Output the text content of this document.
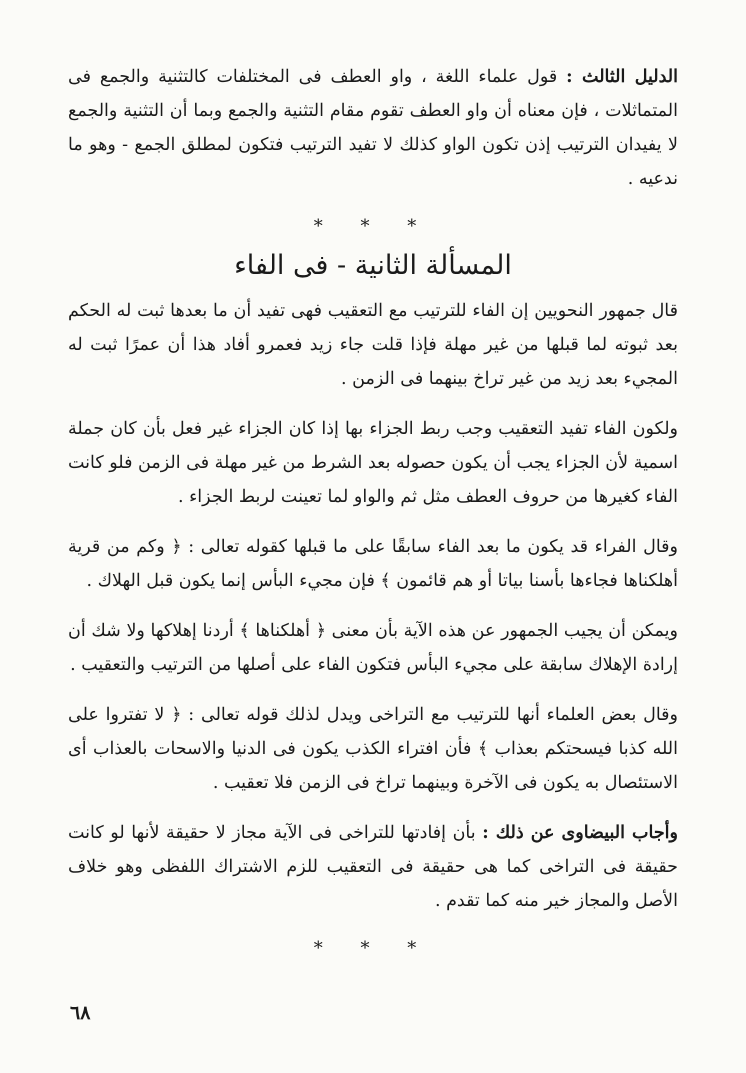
الدليل الثالث : قول علماء اللغة ، واو العطف فى المختلفات كالتثنية والجمع فى المتماثلات ، فإن معناه أن واو العطف تقوم مقام التثنية والجمع وبما أن التثنية والجمع لا يفيدان الترتيب إذن تكون الواو كذلك لا تفيد الترتيب فتكون لمطلق الجمع - وهو ما ندعيه .

* * *
المسألة الثانية - فى الفاء

قال جمهور النحويين إن الفاء للترتيب مع التعقيب فهى تفيد أن ما بعدها ثبت له الحكم بعد ثبوته لما قبلها من غير مهلة فإذا قلت جاء زيد فعمرو أفاد هذا أن عمرًا ثبت له المجيء بعد زيد من غير تراخ بينهما فى الزمن .

ولكون الفاء تفيد التعقيب وجب ربط الجزاء بها إذا كان الجزاء غير فعل بأن كان جملة اسمية لأن الجزاء يجب أن يكون حصوله بعد الشرط من غير مهلة فى الزمن فلو كانت الفاء كغيرها من حروف العطف مثل ثم والواو لما تعينت لربط الجزاء .

وقال الفراء قد يكون ما بعد الفاء سابقًا على ما قبلها كقوله تعالى : ﴿ وكم من قرية أهلكناها فجاءها بأسنا بياتا أو هم قائمون ﴾ فإن مجيء البأس إنما يكون قبل الهلاك .

ويمكن أن يجيب الجمهور عن هذه الآية بأن معنى ﴿ أهلكناها ﴾ أردنا إهلاكها ولا شك أن إرادة الإهلاك سابقة على مجيء البأس فتكون الفاء على أصلها من الترتيب والتعقيب .

وقال بعض العلماء أنها للترتيب مع التراخى ويدل لذلك قوله تعالى : ﴿ لا تفتروا على الله كذبا فيسحتكم بعذاب ﴾ فأن افتراء الكذب يكون فى الدنيا والاسحات بالعذاب أى الاستئصال به يكون فى الآخرة وبينهما تراخ فى الزمن فلا تعقيب .

وأجاب البيضاوى عن ذلك : بأن إفادتها للتراخى فى الآية مجاز لا حقيقة لأنها لو كانت حقيقة فى التراخى كما هى حقيقة فى التعقيب للزم الاشتراك اللفظى وهو خلاف الأصل والمجاز خير منه كما تقدم .

* * *
٦٨
